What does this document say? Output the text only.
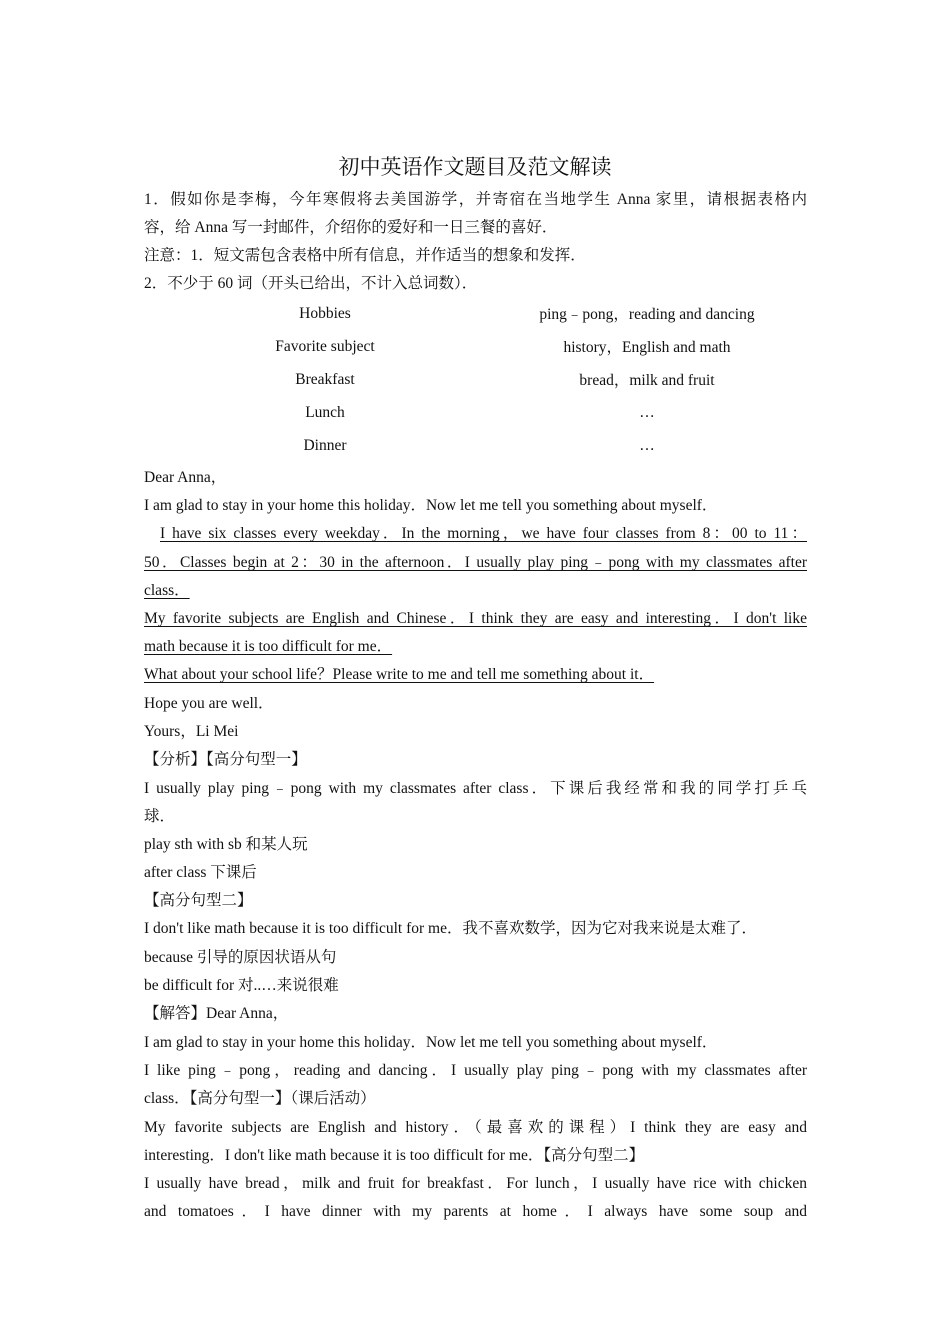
初中英语作文题目及范文解读
1．假如你是李梅，今年寒假将去美国游学，并寄宿在当地学生 Anna 家里，请根据表格内
容，给 Anna 写一封邮件，介绍你的爱好和一日三餐的喜好．
注意：1．短文需包含表格中所有信息，并作适当的想象和发挥．
2．不少于 60 词（开头已给出，不计入总词数）．
Hobbies	ping﹣pong，reading and dancing
Favorite subject	history，English and math
Breakfast	bread，milk and fruit
Lunch	…
Dinner	…
Dear Anna，
I am glad to stay in your home this holiday．Now let me tell you something about myself．
I have six classes every weekday．In the morning，we have four classes from 8：00 to 11：
50．Classes begin at 2：30 in the afternoon．I usually play ping﹣pong with my classmates after
class．
My favorite subjects are English and Chinese．I think they are easy and interesting．I don't like
math because it is too difficult for me．
What about your school life？Please write to me and tell me something about it．
Hope you are well．
Yours，Li Mei
【分析】【高分句型一】
I usually play ping﹣pong with my classmates after class．下课后我经常和我的同学打乒乓
球．
play sth with sb 和某人玩
after class 下课后
【高分句型二】
I don't like math because it is too difficult for me．我不喜欢数学，因为它对我来说是太难了．
because 引导的原因状语从句
be difficult for 对..…来说很难
【解答】Dear Anna，
I am glad to stay in your home this holiday．Now let me tell you something about myself．
I like ping﹣pong，reading and dancing．I usually play ping﹣pong with my classmates after
class．【高分句型一】（课后活动）
My favorite subjects are English and history．（最喜欢的课程）I think they are easy and
interesting．I don't like math because it is too difficult for me．【高分句型二】
I usually have bread，milk and fruit for breakfast．For lunch，I usually have rice with chicken
and tomatoes．I have dinner with my parents at home．I always have some soup and
